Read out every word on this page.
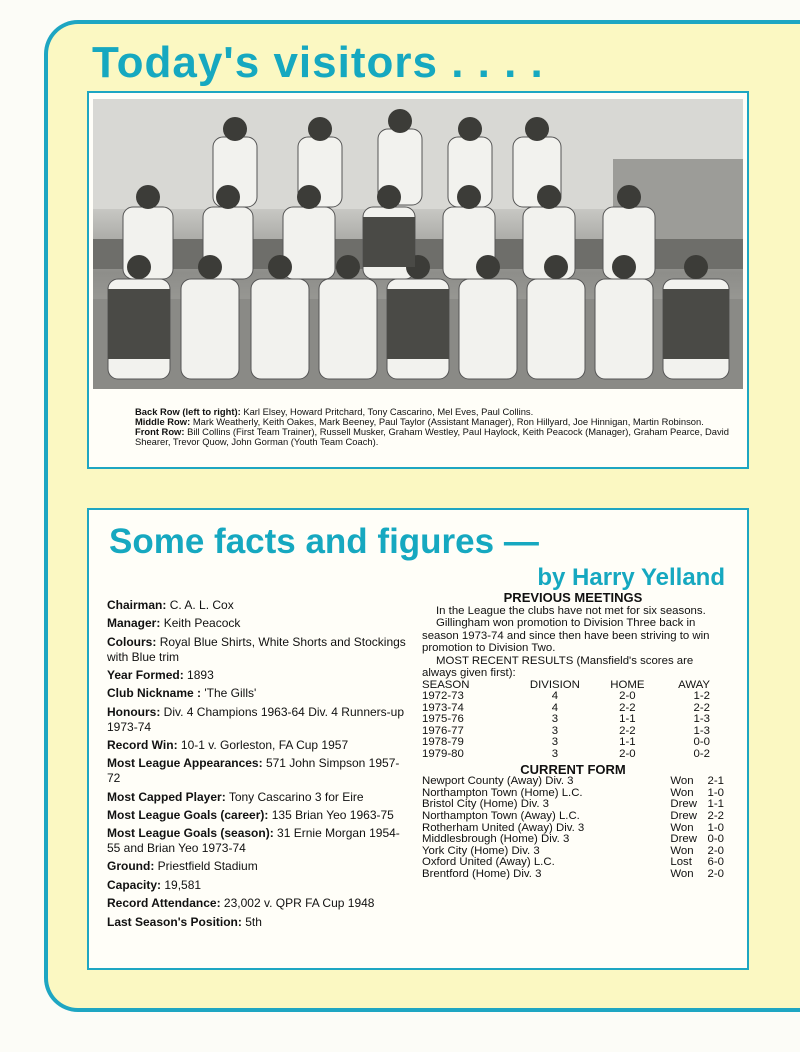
Today's visitors . . . .

Back Row (left to right): Karl Elsey, Howard Pritchard, Tony Cascarino, Mel Eves, Paul Collins.

Middle Row: Mark Weatherly, Keith Oakes, Mark Beeney, Paul Taylor (Assistant Manager), Ron Hillyard, Joe Hinnigan, Martin Robinson.

Front Row: Bill Collins (First Team Trainer), Russell Musker, Graham Westley, Paul Haylock, Keith Peacock (Manager), Graham Pearce, David Shearer, Trevor Quow, John Gorman (Youth Team Coach).

Some facts and figures —
by Harry Yelland

Chairman: C. A. L. Cox

Manager: Keith Peacock

Colours: Royal Blue Shirts, White Shorts and Stockings with Blue trim

Year Formed: 1893

Club Nickname : 'The Gills'

Honours: Div. 4 Champions 1963-64 Div. 4 Runners-up 1973-74

Record Win: 10-1 v. Gorleston, FA Cup 1957

Most League Appearances: 571 John Simpson 1957-72

Most Capped Player: Tony Cascarino 3 for Eire

Most League Goals (career): 135 Brian Yeo 1963-75

Most League Goals (season): 31 Ernie Morgan 1954-55 and Brian Yeo 1973-74

Ground: Priestfield Stadium

Capacity: 19,581

Record Attendance: 23,002 v. QPR FA Cup 1948

Last Season's Position: 5th

PREVIOUS MEETINGS

In the League the clubs have not met for six seasons.

Gillingham won promotion to Division Three back in season 1973-74 and since then have been striving to win promotion to Division Two.

MOST RECENT RESULTS (Mansfield's scores are always given first):

SEASON	DIVISION	HOME	AWAY
1972-73	4	2-0	1-2
1973-74	4	2-2	2-2
1975-76	3	1-1	1-3
1976-77	3	2-2	1-3
1978-79	3	1-1	0-0
1979-80	3	2-0	0-2
CURRENT FORM
Newport County (Away) Div. 3	Won 2-1
Northampton Town (Home) L.C.	Won 1-0
Bristol City (Home) Div. 3	Drew 1-1
Northampton Town (Away) L.C.	Drew 2-2
Rotherham United (Away) Div. 3	Won 1-0
Middlesbrough (Home) Div. 3	Drew 0-0
York City (Home) Div. 3	Won 2-0
Oxford United (Away) L.C.	Lost 6-0
Brentford (Home) Div. 3	Won 2-0
